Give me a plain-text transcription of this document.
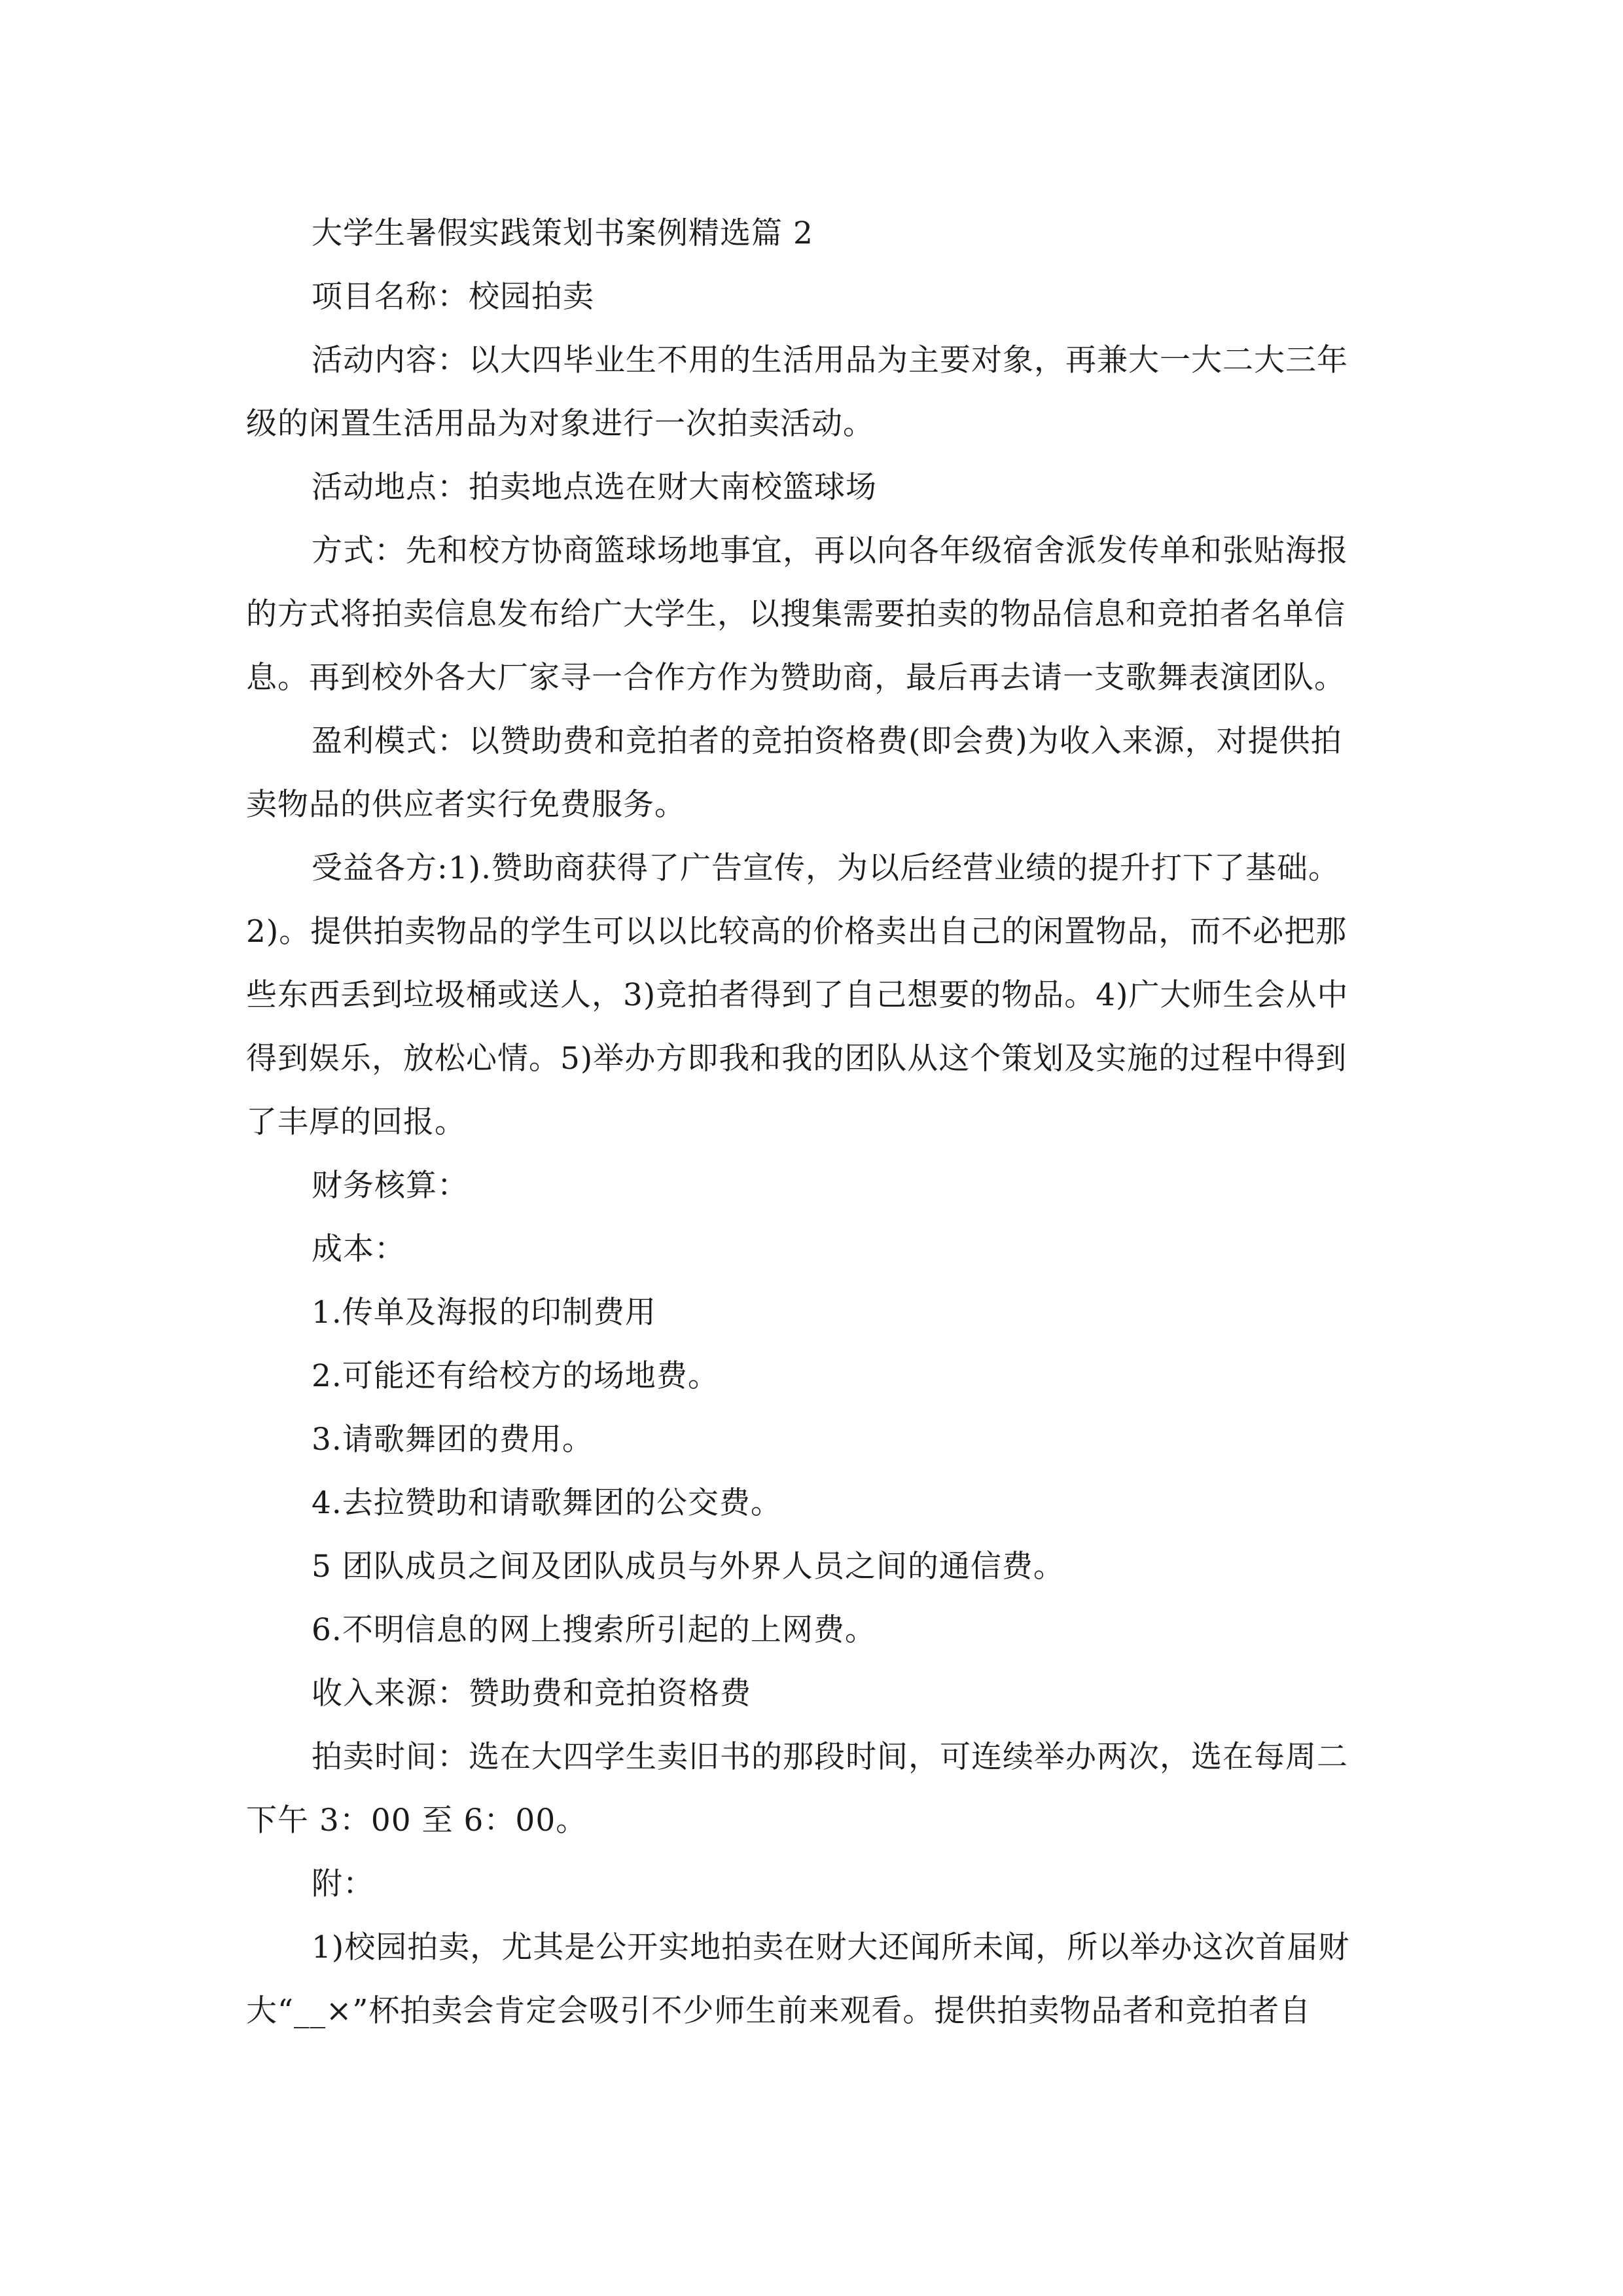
大学生暑假实践策划书案例精选篇 2

项目名称：校园拍卖

活动内容：以大四毕业生不用的生活用品为主要对象，再兼大一大二大三年

级的闲置生活用品为对象进行一次拍卖活动。

活动地点：拍卖地点选在财大南校篮球场

方式：先和校方协商篮球场地事宜，再以向各年级宿舍派发传单和张贴海报

的方式将拍卖信息发布给广大学生，以搜集需要拍卖的物品信息和竞拍者名单信

息。再到校外各大厂家寻一合作方作为赞助商，最后再去请一支歌舞表演团队。

盈利模式：以赞助费和竞拍者的竞拍资格费(即会费)为收入来源，对提供拍

卖物品的供应者实行免费服务。

受益各方:1).赞助商获得了广告宣传，为以后经营业绩的提升打下了基础。

2)。提供拍卖物品的学生可以以比较高的价格卖出自己的闲置物品，而不必把那

些东西丢到垃圾桶或送人，3)竞拍者得到了自己想要的物品。4)广大师生会从中

得到娱乐，放松心情。5)举办方即我和我的团队从这个策划及实施的过程中得到

了丰厚的回报。

财务核算：

成本：

1.传单及海报的印制费用

2.可能还有给校方的场地费。

3.请歌舞团的费用。

4.去拉赞助和请歌舞团的公交费。

5 团队成员之间及团队成员与外界人员之间的通信费。

6.不明信息的网上搜索所引起的上网费。

收入来源：赞助费和竞拍资格费

拍卖时间：选在大四学生卖旧书的那段时间，可连续举办两次，选在每周二

下午 3：00 至 6：00。

附：

1)校园拍卖，尤其是公开实地拍卖在财大还闻所未闻，所以举办这次首届财

大“__×”杯拍卖会肯定会吸引不少师生前来观看。提供拍卖物品者和竞拍者自
